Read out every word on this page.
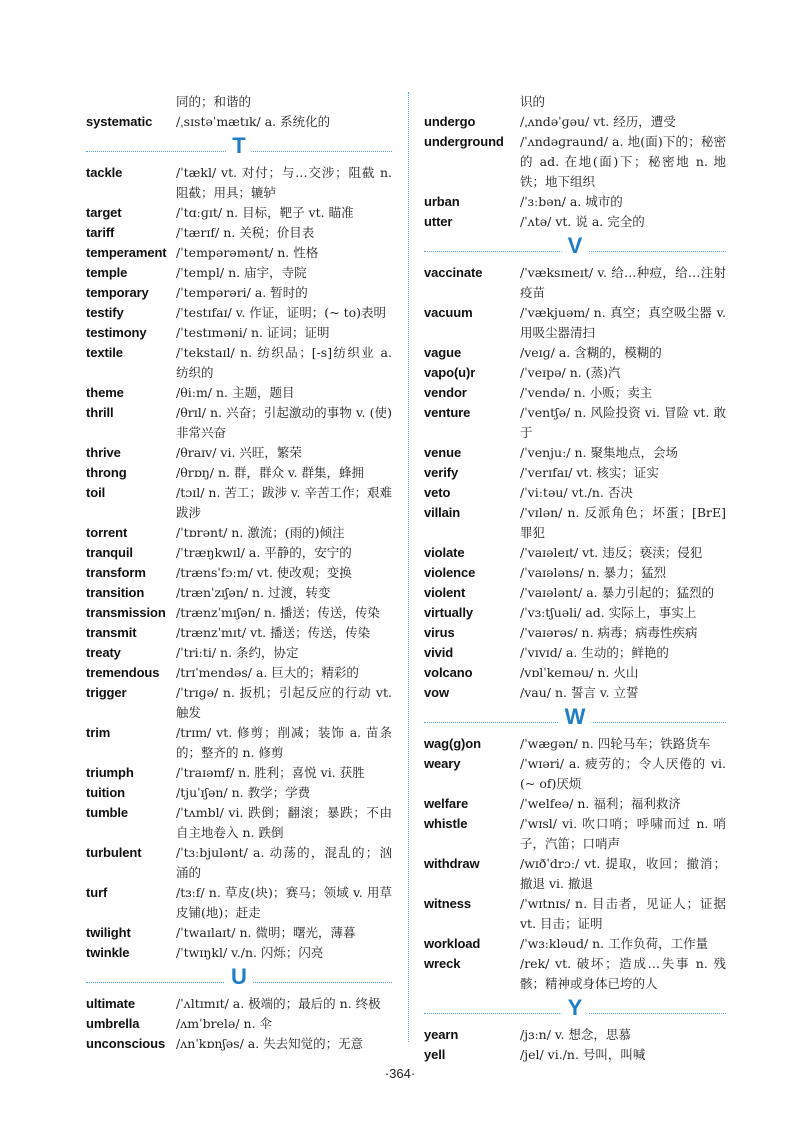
同的；和谐的
systematic	/ˌsɪstəˈmætɪk/ a. 系统化的
T
tackle	/ˈtækl/ vt. 对付；与…交涉；阻截 n. 阻截；用具；辘轳
target	/ˈtɑːɡɪt/ n. 目标，靶子 vt. 瞄准
tariff	/ˈtærɪf/ n. 关税；价目表
temperament /ˈtempərəmənt/ n. 性格
temple	/ˈtempl/ n. 庙宇，寺院
temporary	/ˈtempərəri/ a. 暂时的
testify	/ˈtestɪfaɪ/ v. 作证，证明；(~ to)表明
testimony	/ˈtestɪməni/ n. 证词；证明
textile	/ˈtekstaɪl/ n. 纺织品；[-s]纺织业 a. 纺织的
theme	/θiːm/ n. 主题，题目
thrill	/θrɪl/ n. 兴奋；引起激动的事物 v. (使)非常兴奋
thrive	/θraɪv/ vi. 兴旺，繁荣
throng	/θrɒŋ/ n. 群，群众 v. 群集，蜂拥
toil	/tɔɪl/ n. 苦工；跋涉 v. 辛苦工作；艰难跋涉
torrent	/ˈtɒrənt/ n. 激流；(雨的)倾注
tranquil	/ˈtræŋkwɪl/ a. 平静的，安宁的
transform	/trænsˈfɔːm/ vt. 使改观；变换
transition	/trænˈzɪʃən/ n. 过渡，转变
transmission /trænzˈmɪʃən/ n. 播送；传送，传染
transmit	/trænzˈmɪt/ vt. 播送；传送，传染
treaty	/ˈtriːti/ n. 条约，协定
tremendous	/trɪˈmendəs/ a. 巨大的；精彩的
trigger	/ˈtrɪɡə/ n. 扳机；引起反应的行动 vt. 触发
trim	/trɪm/ vt. 修剪；削减；装饰 a. 苗条的；整齐的 n. 修剪
triumph	/ˈtraɪəmf/ n. 胜利；喜悦 vi. 获胜
tuition	/tjuˈɪʃən/ n. 教学；学费
tumble	/ˈtʌmbl/ vi. 跌倒；翻滚；暴跌；不由自主地卷入 n. 跌倒
turbulent	/ˈtɜːbjulənt/ a. 动荡的，混乱的；汹涌的
turf	/tɜːf/ n. 草皮(块)；赛马；领域 v. 用草皮铺(地)；赶走
twilight	/ˈtwaɪlaɪt/ n. 微明；曙光，薄暮
twinkle	/ˈtwɪŋkl/ v./n. 闪烁；闪亮
U
ultimate	/ˈʌltɪmɪt/ a. 极端的；最后的 n. 终极
umbrella	/ʌmˈbrelə/ n. 伞
unconscious /ʌnˈkɒnʃəs/ a. 失去知觉的；无意
识的
undergo	/ˌʌndəˈɡəu/ vt. 经历，遭受
underground	/ˈʌndəɡraund/ a. 地(面)下的；秘密的 ad. 在地(面)下；秘密地 n. 地铁；地下组织
urban	/ˈɜːbən/ a. 城市的
utter	/ˈʌtə/ vt. 说 a. 完全的
V
vaccinate	/ˈvæksɪneɪt/ v. 给…种痘，给…注射疫苗
vacuum	/ˈvækjuəm/ n. 真空；真空吸尘器 v. 用吸尘器清扫
vague	/veɪɡ/ a. 含糊的，模糊的
vapo(u)r	/ˈveɪpə/ n. (蒸)汽
vendor	/ˈvendə/ n. 小贩；卖主
venture	/ˈventʃə/ n. 风险投资 vi. 冒险 vt. 敢于
venue	/ˈvenjuː/ n. 聚集地点，会场
verify	/ˈverɪfaɪ/ vt. 核实；证实
veto	/ˈviːtəu/ vt./n. 否决
villain	/ˈvɪlən/ n. 反派角色；坏蛋；[BrE]罪犯
violate	/ˈvaɪəleɪt/ vt. 违反；亵渎；侵犯
violence	/ˈvaɪələns/ n. 暴力；猛烈
violent	/ˈvaɪələnt/ a. 暴力引起的；猛烈的
virtually	/ˈvɜːtʃuəli/ ad. 实际上，事实上
virus	/ˈvaɪərəs/ n. 病毒；病毒性疾病
vivid	/ˈvɪvɪd/ a. 生动的；鲜艳的
volcano	/vɒlˈkeɪnəu/ n. 火山
vow	/vau/ n. 誓言 v. 立誓
W
wag(g)on	/ˈwæɡən/ n. 四轮马车；铁路货车
weary	/ˈwɪəri/ a. 疲劳的；令人厌倦的 vi. (~ of)厌烦
welfare	/ˈwelfeə/ n. 福利；福利救济
whistle	/ˈwɪsl/ vi. 吹口哨；呼啸而过 n. 哨子，汽笛；口哨声
withdraw	/wɪðˈdrɔː/ vt. 提取，收回；撤消；撤退 vi. 撤退
witness	/ˈwɪtnɪs/ n. 目击者，见证人；证据 vt. 目击；证明
workload	/ˈwɜːkləud/ n. 工作负荷，工作量
wreck	/rek/ vt. 破坏；造成…失事 n. 残骸；精神或身体已垮的人
Y
yearn	/jɜːn/ v. 想念，思慕
yell	/jel/ vi./n. 号叫，叫喊
·364·
